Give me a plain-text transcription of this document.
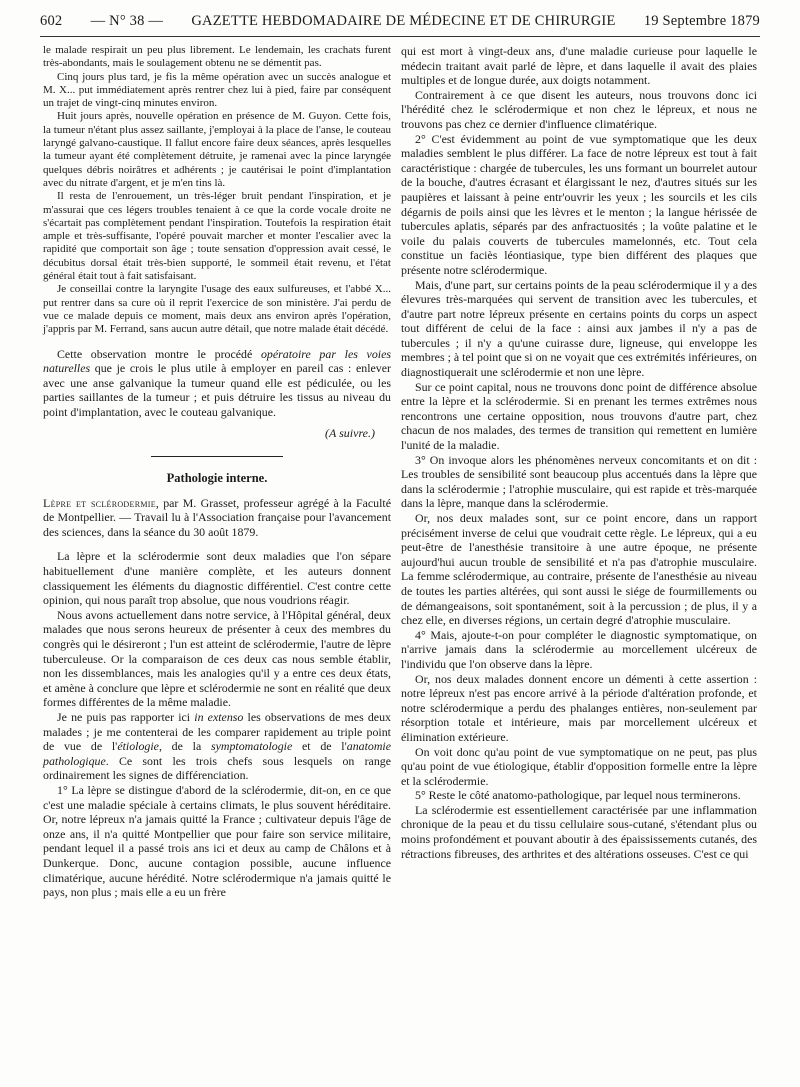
602 — N° 38 — GAZETTE HEBDOMADAIRE DE MÉDECINE ET DE CHIRURGIE 19 Septembre 1879

le malade respirait un peu plus librement. Le lendemain, les crachats furent très-abondants, mais le soulagement obtenu ne se démentit pas.

Cinq jours plus tard, je fis la même opération avec un succès analogue et M. X... put immédiatement après rentrer chez lui à pied, faire par conséquent un trajet de vingt-cinq minutes environ.

Huit jours après, nouvelle opération en présence de M. Guyon. Cette fois, la tumeur n'étant plus assez saillante, j'employai à la place de l'anse, le couteau laryngé galvano-caustique. Il fallut encore faire deux séances, après lesquelles la tumeur ayant été complètement détruite, je ramenai avec la pince laryngée quelques débris noirâtres et adhérents ; je cautérisai le point d'implantation avec du nitrate d'argent, et je m'en tins là.

Il resta de l'enrouement, un très-léger bruit pendant l'inspiration, et je m'assurai que ces légers troubles tenaient à ce que la corde vocale droite ne s'écartait pas complètement pendant l'inspiration. Toutefois la respiration était ample et très-suffisante, l'opéré pouvait marcher et monter l'escalier avec la rapidité que comportait son âge ; toute sensation d'oppression avait cessé, le décubitus dorsal était très-bien supporté, le sommeil était revenu, et l'état général était tout à fait satisfaisant.

Je conseillai contre la laryngite l'usage des eaux sulfureuses, et l'abbé X... put rentrer dans sa cure où il reprit l'exercice de son ministère. J'ai perdu de vue ce malade depuis ce moment, mais deux ans environ après l'opération, j'appris par M. Ferrand, sans aucun autre détail, que notre malade était décédé.

Cette observation montre le procédé opératoire par les voies naturelles que je crois le plus utile à employer en pareil cas : enlever avec une anse galvanique la tumeur quand elle est pédiculée, ou les parties saillantes de la tumeur ; et puis détruire les tissus au niveau du point d'implantation, avec le couteau galvanique.

(A suivre.)
Pathologie interne.

Lèpre et sclérodermie, par M. Grasset, professeur agrégé à la Faculté de Montpellier. — Travail lu à l'Association française pour l'avancement des sciences, dans la séance du 30 août 1879.

La lèpre et la sclérodermie sont deux maladies que l'on sépare habituellement d'une manière complète, et les auteurs donnent classiquement les éléments du diagnostic différentiel. C'est contre cette opinion, qui nous paraît trop absolue, que nous voudrions réagir.

Nous avons actuellement dans notre service, à l'Hôpital général, deux malades que nous serons heureux de présenter à ceux des membres du congrès qui le désireront ; l'un est atteint de sclérodermie, l'autre de lèpre tuberculeuse. Or la comparaison de ces deux cas nous semble établir, non les dissemblances, mais les analogies qu'il y a entre ces deux états, et amène à conclure que lèpre et sclérodermie ne sont en réalité que deux formes différentes de la même maladie.

Je ne puis pas rapporter ici in extenso les observations de mes deux malades ; je me contenterai de les comparer rapidement au triple point de vue de l'étiologie, de la symptomatologie et de l'anatomie pathologique. Ce sont les trois chefs sous lesquels on range ordinairement les signes de différenciation.

1° La lèpre se distingue d'abord de la sclérodermie, dit-on, en ce que c'est une maladie spéciale à certains climats, le plus souvent héréditaire. Or, notre lépreux n'a jamais quitté la France ; cultivateur depuis l'âge de onze ans, il n'a quitté Montpellier que pour faire son service militaire, pendant lequel il a passé trois ans ici et deux au camp de Châlons et à Dunkerque. Donc, aucune contagion possible, aucune influence climatérique, aucune hérédité. Notre sclérodermique n'a jamais quitté le pays, non plus ; mais elle a eu un frère

qui est mort à vingt-deux ans, d'une maladie curieuse pour laquelle le médecin traitant avait parlé de lèpre, et dans laquelle il avait des plaies multiples et de longue durée, aux doigts notamment.

Contrairement à ce que disent les auteurs, nous trouvons donc ici l'hérédité chez le sclérodermique et non chez le lépreux, et nous ne trouvons pas chez ce dernier d'influence climatérique.

2° C'est évidemment au point de vue symptomatique que les deux maladies semblent le plus différer. La face de notre lépreux est tout à fait caractéristique : chargée de tubercules, les uns formant un bourrelet autour de la bouche, d'autres écrasant et élargissant le nez, d'autres situés sur les paupières et laissant à peine entr'ouvrir les yeux ; les sourcils et les cils dégarnis de poils ainsi que les lèvres et le menton ; la langue hérissée de tubercules aplatis, séparés par des anfractuosités ; la voûte palatine et le voile du palais couverts de tubercules mamelonnés, etc. Tout cela constitue un faciès léontiasique, type bien différent des plaques que présente notre sclérodermique.

Mais, d'une part, sur certains points de la peau sclérodermique il y a des élevures très-marquées qui servent de transition avec les tubercules, et d'autre part notre lépreux présente en certains points du corps un aspect tout différent de celui de la face : ainsi aux jambes il n'y a pas de tubercules ; il n'y a qu'une cuirasse dure, ligneuse, qui enveloppe les membres ; à tel point que si on ne voyait que ces extrémités inférieures, on diagnostiquerait une sclérodermie et non une lèpre.

Sur ce point capital, nous ne trouvons donc point de différence absolue entre la lèpre et la sclérodermie. Si en prenant les termes extrêmes nous rencontrons une certaine opposition, nous trouvons d'autre part, chez chacun de nos malades, des termes de transition qui remettent en lumière l'unité de la maladie.

3° On invoque alors les phénomènes nerveux concomitants et on dit : Les troubles de sensibilité sont beaucoup plus accentués dans la lèpre que dans la sclérodermie ; l'atrophie musculaire, qui est rapide et très-marquée dans la lèpre, manque dans la sclérodermie.

Or, nos deux malades sont, sur ce point encore, dans un rapport précisément inverse de celui que voudrait cette règle. Le lépreux, qui a eu peut-être de l'anesthésie transitoire à une autre époque, ne présente aujourd'hui aucun trouble de sensibilité et n'a pas d'atrophie musculaire. La femme sclérodermique, au contraire, présente de l'anesthésie au niveau de toutes les parties altérées, qui sont aussi le siége de fourmillements ou de démangeaisons, soit spontanément, soit à la percussion ; de plus, il y a chez elle, en diverses régions, un certain degré d'atrophie musculaire.

4° Mais, ajoute-t-on pour compléter le diagnostic symptomatique, on n'arrive jamais dans la sclérodermie au morcellement ulcéreux de l'individu que l'on observe dans la lèpre.

Or, nos deux malades donnent encore un démenti à cette assertion : notre lépreux n'est pas encore arrivé à la période d'altération profonde, et notre sclérodermique a perdu des phalanges entières, non-seulement par résorption totale et intérieure, mais par morcellement ulcéreux et élimination extérieure.

On voit donc qu'au point de vue symptomatique on ne peut, pas plus qu'au point de vue étiologique, établir d'opposition formelle entre la lèpre et la sclérodermie.

5° Reste le côté anatomo-pathologique, par lequel nous terminerons.

La sclérodermie est essentiellement caractérisée par une inflammation chronique de la peau et du tissu cellulaire sous-cutané, s'étendant plus ou moins profondément et pouvant aboutir à des épaississements cutanés, des rétractions fibreuses, des arthrites et des altérations osseuses. C'est ce qui
